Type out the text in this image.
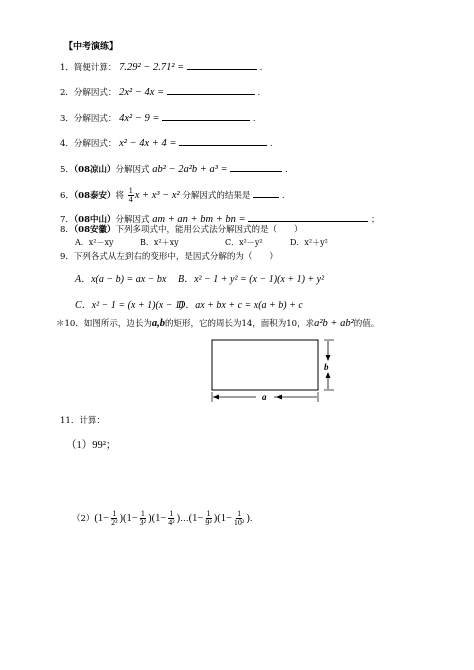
【中考演练】
1．简便计算： 7.29² − 2.71² =	.
2．分解因式： 2x² − 4x =	.
3．分解因式： 4x² − 9 =	.
4．分解因式： x² − 4x + 4 =	.
5．（08凉山）分解因式 ab² − 2a²b + a³ =	.
6．（08泰安）将 $\frac{1}{4}$ x + x³ − x² 分解因式的结果是	.
7．（08中山）分解因式 am + an + bm + bn =	；
8．（08安徽）下列多项式中，能用公式法分解因式的是（　　）
A．x²－xy	B．x²＋xy	C．x²－y²	D．x²＋y²
9．下列各式从左到右的变形中，是因式分解的为（　　）
A．x(a − b) = ax − bx B．x² − 1 + y² = (x − 1)(x + 1) + y²
C．x² − 1 = (x + 1)(x − 1)
D．ax + bx + c = x(a + b) + c
＊10．如图所示，边长为a,b的矩形，它的周长为14，面积为10，求a²b + ab²的值。
b
a
11．计算：
（1）99²；
$(2)(1- \frac{1}{\text{2²}} )(1- \frac{1}{\text{3²}} )(1- \frac{1}{\text{4²}}$ )…(1− $\frac{1}{\text{9²}} )(1- \frac{1}{\text{10²}}$ ).
